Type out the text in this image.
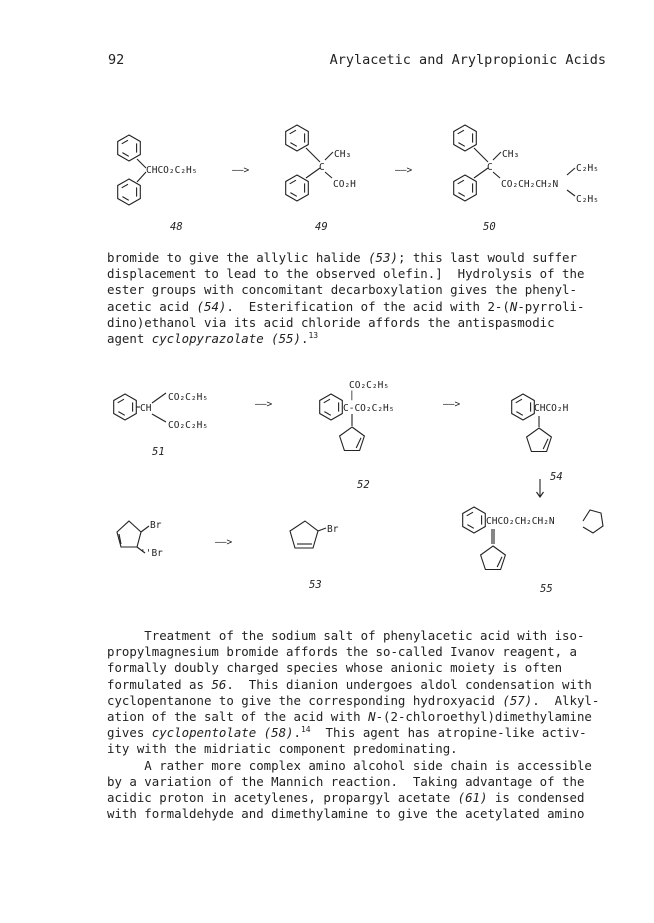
92	Arylacetic and Arylpropionic Acids
CHCO₂C₂H₅
48
——>
CH₃
C
CO₂H
49
——>
CH₃
C
CO₂CH₂CH₂N
C₂H₅
C₂H₅
50
CH
CO₂C₂H₅
CO₂C₂H₅
51
——>
CO₂C₂H₅
|
C-CO₂C₂H₅
52
——>	CHCO₂H
54
Br
''Br
——>
Br
53
CHCO₂CH₂CH₂N
55
bromide to give the allylic halide (53); this last would suffer
displacement to lead to the observed olefin.]  Hydrolysis of the
ester groups with concomitant decarboxylation gives the phenyl-
acetic acid (54).  Esterification of the acid with 2-(N-pyrroli-
dino)ethanol via its acid chloride affords the antispasmodic
agent cyclopyrazolate (55).$^{13}$
Treatment of the sodium salt of phenylacetic acid with iso-
propylmagnesium bromide affords the so-called Ivanov reagent, a
formally doubly charged species whose anionic moiety is often
formulated as 56.  This dianion undergoes aldol condensation with
cyclopentanone to give the corresponding hydroxyacid (57).  Alkyl-
ation of the salt of the acid with N-(2-chloroethyl)dimethylamine
gives cyclopentolate (58).$^{14}$  This agent has atropine-like activ-
ity with the midriatic component predominating.
A rather more complex amino alcohol side chain is accessible
by a variation of the Mannich reaction.  Taking advantage of the
acidic proton in acetylenes, propargyl acetate (61) is condensed
with formaldehyde and dimethylamine to give the acetylated amino
